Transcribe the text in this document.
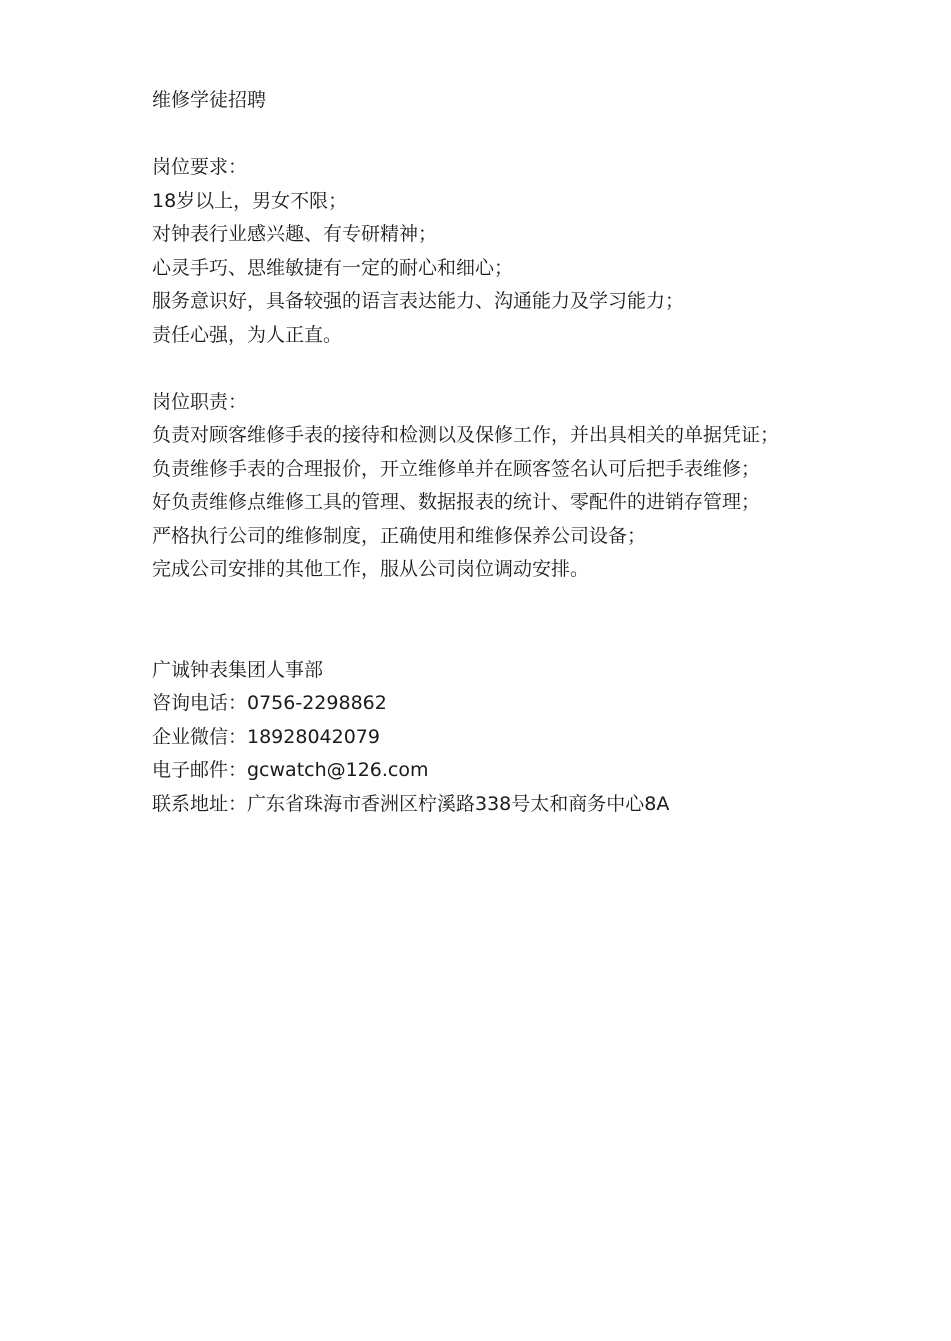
维修学徒招聘
岗位要求：
18岁以上，男女不限；
对钟表行业感兴趣、有专研精神；
心灵手巧、思维敏捷有一定的耐心和细心；
服务意识好，具备较强的语言表达能力、沟通能力及学习能力；
责任心强，为人正直。
岗位职责：
负责对顾客维修手表的接待和检测以及保修工作，并出具相关的单据凭证；
负责维修手表的合理报价，开立维修单并在顾客签名认可后把手表维修；
好负责维修点维修工具的管理、数据报表的统计、零配件的进销存管理；
严格执行公司的维修制度，正确使用和维修保养公司设备；
完成公司安排的其他工作，服从公司岗位调动安排。
广诚钟表集团人事部
咨询电话：0756-2298862
企业微信：18928042079
电子邮件：gcwatch@126.com
联系地址：广东省珠海市香洲区柠溪路338号太和商务中心8A
